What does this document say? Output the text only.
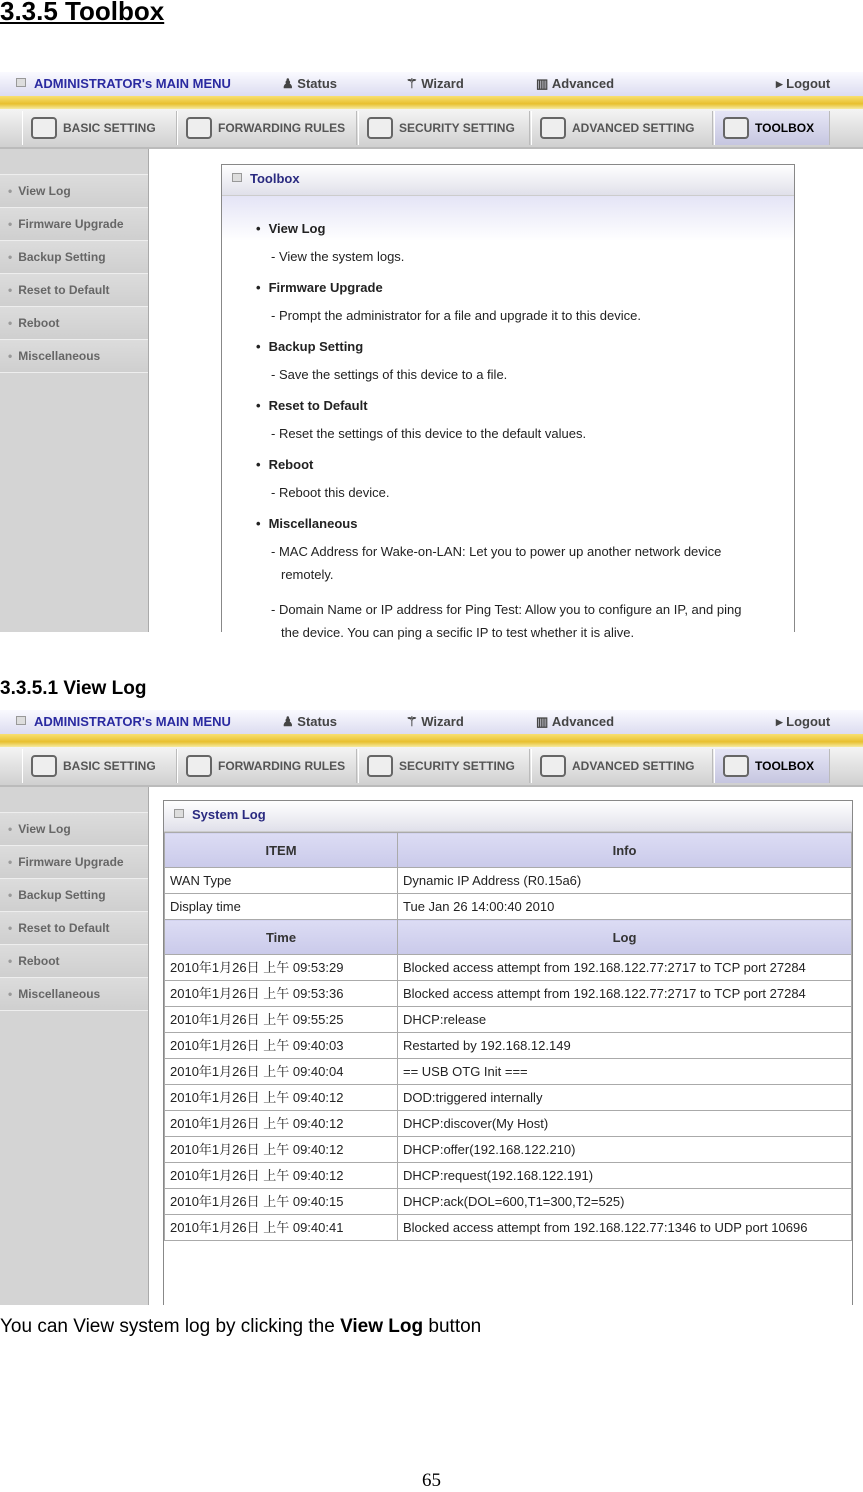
3.3.5 Toolbox
ADMINISTRATOR's MAIN MENU	♟ Status	⚚ Wizard	▥ Advanced	▸ Logout
BASIC SETTING	FORWARDING RULES	SECURITY SETTING	ADVANCED SETTING	TOOLBOX
• View Log
• Firmware Upgrade
• Backup Setting
• Reset to Default
• Reboot
• Miscellaneous
Toolbox
• View Log
- View the system logs.
• Firmware Upgrade
- Prompt the administrator for a file and upgrade it to this device.
• Backup Setting
- Save the settings of this device to a file.
• Reset to Default
- Reset the settings of this device to the default values.
• Reboot
- Reboot this device.
• Miscellaneous
- MAC Address for Wake-on-LAN: Let you to power up another network device remotely.
- Domain Name or IP address for Ping Test: Allow you to configure an IP, and ping the device. You can ping a secific IP to test whether it is alive.
3.3.5.1 View Log
ADMINISTRATOR's MAIN MENU	♟ Status	⚚ Wizard	▥ Advanced	▸ Logout
BASIC SETTING	FORWARDING RULES	SECURITY SETTING	ADVANCED SETTING	TOOLBOX
• View Log
• Firmware Upgrade
• Backup Setting
• Reset to Default
• Reboot
• Miscellaneous
System Log
ITEM	Info
WAN Type	Dynamic IP Address (R0.15a6)
Display time	Tue Jan 26 14:00:40 2010
Time	Log
2010年1月26日 上午 09:53:29	Blocked access attempt from 192.168.122.77:2717 to TCP port 27284
2010年1月26日 上午 09:53:36	Blocked access attempt from 192.168.122.77:2717 to TCP port 27284
2010年1月26日 上午 09:55:25	DHCP:release
2010年1月26日 上午 09:40:03	Restarted by 192.168.12.149
2010年1月26日 上午 09:40:04	== USB OTG Init ===
2010年1月26日 上午 09:40:12	DOD:triggered internally
2010年1月26日 上午 09:40:12	DHCP:discover(My Host)
2010年1月26日 上午 09:40:12	DHCP:offer(192.168.122.210)
2010年1月26日 上午 09:40:12	DHCP:request(192.168.122.191)
2010年1月26日 上午 09:40:15	DHCP:ack(DOL=600,T1=300,T2=525)
2010年1月26日 上午 09:40:41	Blocked access attempt from 192.168.122.77:1346 to UDP port 10696
You can View system log by clicking the View Log button
65
